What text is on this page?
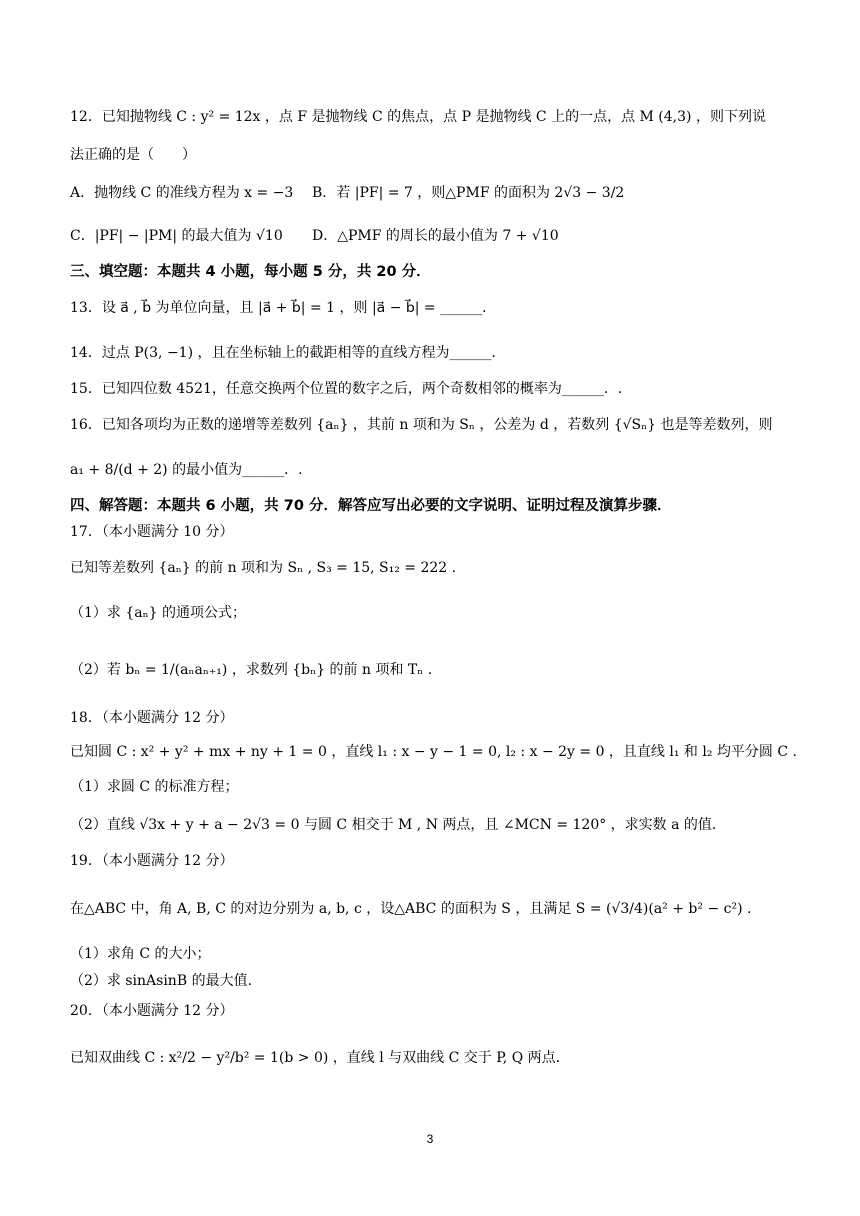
12．已知抛物线 C : y² = 12x ，点 F 是抛物线 C 的焦点，点 P 是抛物线 C 上的一点，点 M (4,3) ，则下列说
法正确的是（　　）
A．抛物线 C 的准线方程为 x = −3 B．若 |PF| = 7 ，则△PMF 的面积为 2√3 − 3/2
C．|PF| − |PM| 的最大值为 √10 D．△PMF 的周长的最小值为 7 + √10
三、填空题：本题共 4 小题，每小题 5 分，共 20 分．
13．设 a⃗ , b⃗ 为单位向量，且 |a⃗ + b⃗| = 1 ，则 |a⃗ − b⃗| = ______．
14．过点 P(3, −1) ，且在坐标轴上的截距相等的直线方程为______．
15．已知四位数 4521，任意交换两个位置的数字之后，两个奇数相邻的概率为______．.
16．已知各项均为正数的递增等差数列 {aₙ} ，其前 n 项和为 Sₙ ，公差为 d ，若数列 {√Sₙ} 也是等差数列，则
a₁ + 8/(d + 2) 的最小值为______．.
四、解答题：本题共 6 小题，共 70 分．解答应写出必要的文字说明、证明过程及演算步骤．
17．（本小题满分 10 分）
已知等差数列 {aₙ} 的前 n 项和为 Sₙ , S₃ = 15, S₁₂ = 222 .
（1）求 {aₙ} 的通项公式；
（2）若 bₙ = 1/(aₙaₙ₊₁) ，求数列 {bₙ} 的前 n 项和 Tₙ .
18．（本小题满分 12 分）
已知圆 C : x² + y² + mx + ny + 1 = 0 ，直线 l₁ : x − y − 1 = 0, l₂ : x − 2y = 0 ，且直线 l₁ 和 l₂ 均平分圆 C .
（1）求圆 C 的标准方程；
（2）直线 √3x + y + a − 2√3 = 0 与圆 C 相交于 M , N 两点，且 ∠MCN = 120° ，求实数 a 的值.
19．（本小题满分 12 分）
在△ABC 中，角 A, B, C 的对边分别为 a, b, c ，设△ABC 的面积为 S ，且满足 S = (√3/4)(a² + b² − c²) .
（1）求角 C 的大小；
（2）求 sinAsinB 的最大值.
20．（本小题满分 12 分）
已知双曲线 C : x²/2 − y²/b² = 1(b > 0) ，直线 l 与双曲线 C 交于 P, Q 两点.
3
